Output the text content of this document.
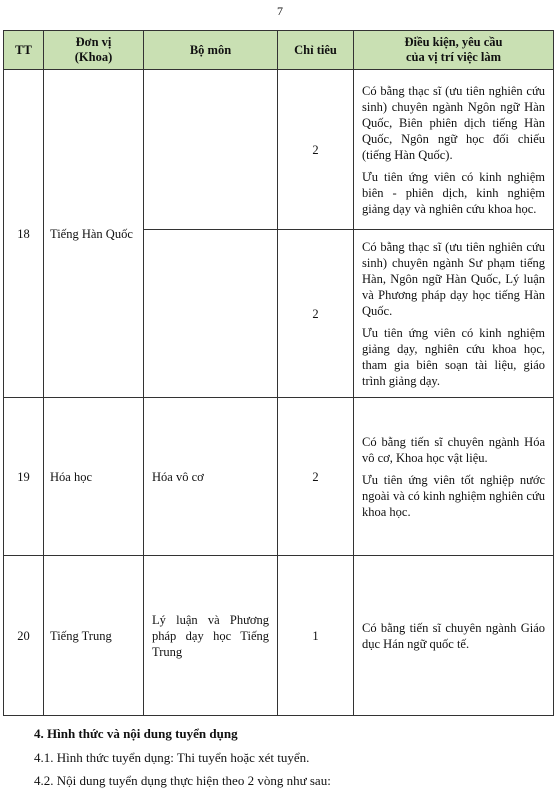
7
TT	Đơn vị
(Khoa)	Bộ môn	Chỉ tiêu	Điều kiện, yêu cầu
của vị trí việc làm
18	Tiếng Hàn Quốc		2	Có bằng thạc sĩ (ưu tiên nghiên cứu sinh) chuyên ngành Ngôn ngữ Hàn Quốc, Biên phiên dịch tiếng Hàn Quốc, Ngôn ngữ học đối chiếu (tiếng Hàn Quốc).

Ưu tiên ứng viên có kinh nghiệm biên - phiên dịch, kinh nghiệm giảng dạy và nghiên cứu khoa học.

			2	Có bằng thạc sĩ (ưu tiên nghiên cứu sinh) chuyên ngành Sư phạm tiếng Hàn, Ngôn ngữ Hàn Quốc, Lý luận và Phương pháp dạy học tiếng Hàn Quốc.

Ưu tiên ứng viên có kinh nghiệm giảng dạy, nghiên cứu khoa học, tham gia biên soạn tài liệu, giáo trình giảng dạy.

19	Hóa học	Hóa vô cơ	2	Có bằng tiến sĩ chuyên ngành Hóa vô cơ, Khoa học vật liệu.

Ưu tiên ứng viên tốt nghiệp nước ngoài và có kinh nghiệm nghiên cứu khoa học.

20	Tiếng Trung	Lý luận và Phương pháp dạy học Tiếng Trung	1	Có bằng tiến sĩ chuyên ngành Giáo dục Hán ngữ quốc tế.

4. Hình thức và nội dung tuyển dụng

4.1. Hình thức tuyển dụng: Thi tuyển hoặc xét tuyển.

4.2. Nội dung tuyển dụng thực hiện theo 2 vòng như sau:
